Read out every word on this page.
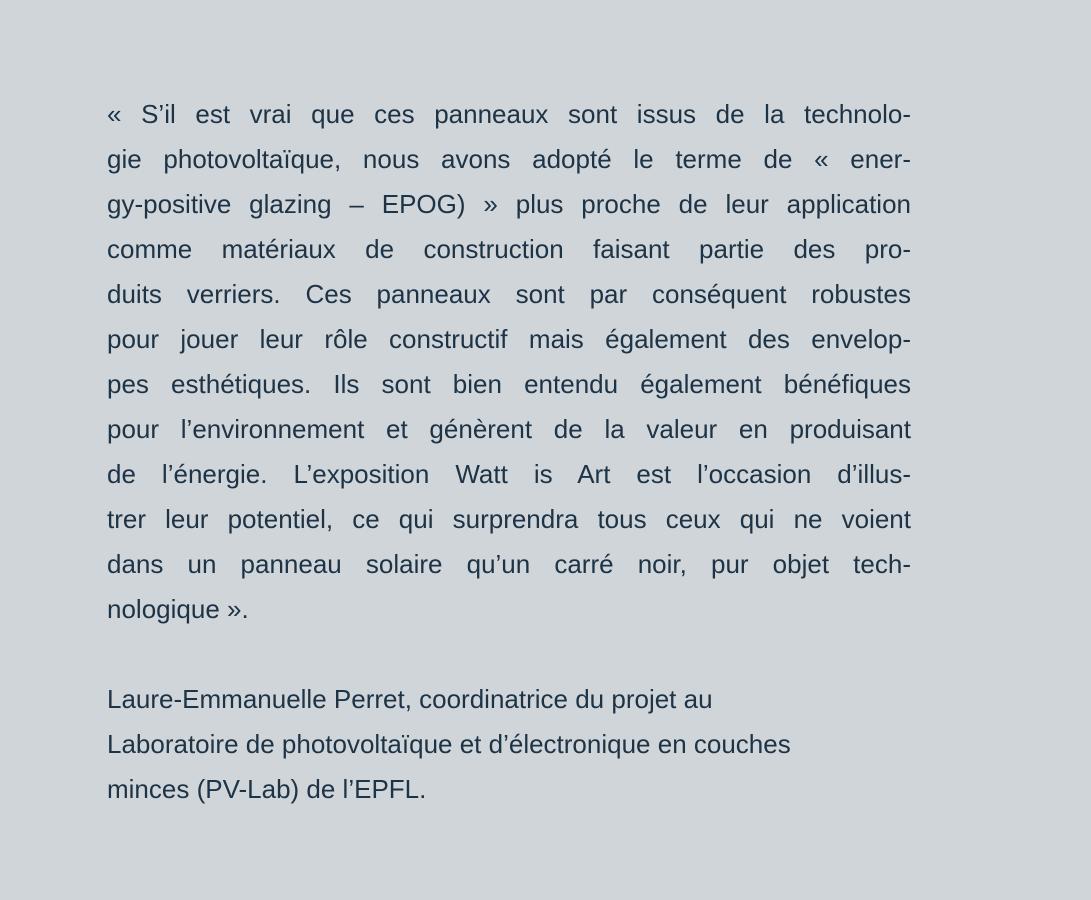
« S’il est vrai que ces panneaux sont issus de la technolo-
gie photovoltaïque, nous avons adopté le terme de « ener-
gy-positive glazing – EPOG) » plus proche de leur application
comme matériaux de construction faisant partie des pro-
duits verriers. Ces panneaux sont par conséquent robustes
pour jouer leur rôle constructif mais également des envelop-
pes esthétiques. Ils sont bien entendu également bénéfiques
pour l’environnement et génèrent de la valeur en produisant
de l’énergie. L’exposition Watt is Art est l’occasion d’illus-
trer leur potentiel, ce qui surprendra tous ceux qui ne voient
dans un panneau solaire qu’un carré noir, pur objet tech-
nologique ».
Laure-Emmanuelle Perret, coordinatrice du projet au
Laboratoire de photovoltaïque et d’électronique en couches
minces (PV-Lab) de l’EPFL.
